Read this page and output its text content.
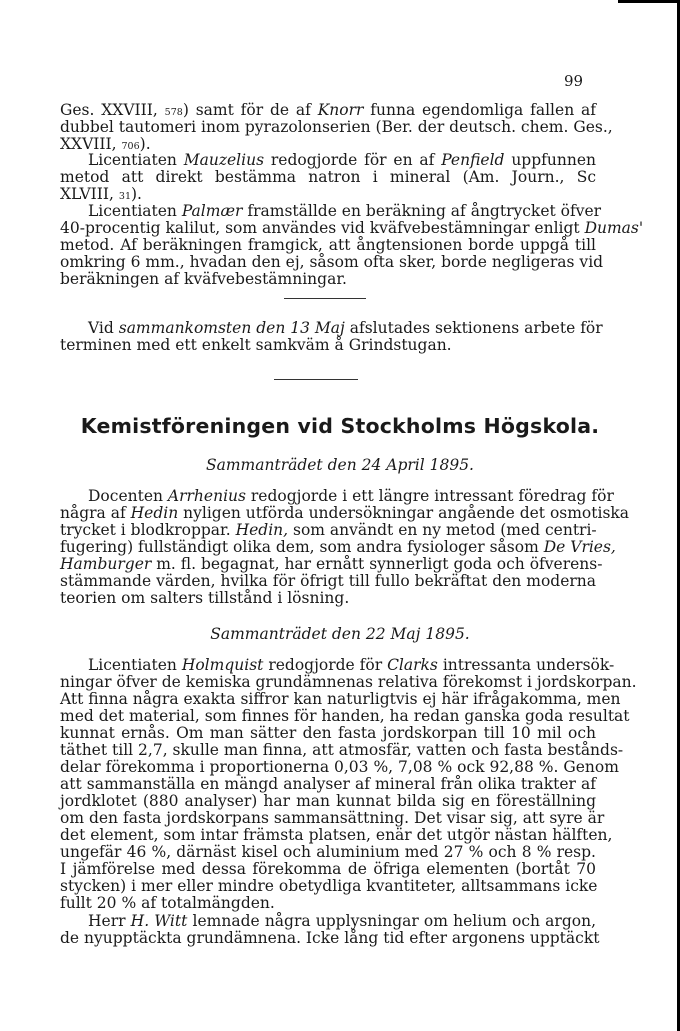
99
Ges. XXVIII, 578) samt för de af Knorr funna egendomliga fallen af
dubbel tautomeri inom pyrazolonserien (Ber. der deutsch. chem. Ges.,
XXVIII, 706).
Licentiaten Mauzelius redogjorde för en af Penfield uppfunnen
metod att direkt bestämma natron i mineral (Am. Journ., Sc
XLVIII, 31).
Licentiaten Palmær framställde en beräkning af ångtrycket öfver
40-procentig kalilut, som användes vid kväfvebestämningar enligt Dumas'
metod. Af beräkningen framgick, att ångtensionen borde uppgå till
omkring 6 mm., hvadan den ej, såsom ofta sker, borde negligeras vid
beräkningen af kväfvebestämningar.
Vid sammankomsten den 13 Maj afslutades sektionens arbete för
terminen med ett enkelt samkväm å Grindstugan.
Docenten Arrhenius redogjorde i ett längre intressant föredrag för
några af Hedin nyligen utförda undersökningar angående det osmotiska
trycket i blodkroppar. Hedin, som användt en ny metod (med centri-
fugering) fullständigt olika dem, som andra fysiologer såsom De Vries,
Hamburger m. fl. begagnat, har ernått synnerligt goda och öfverens-
stämmande värden, hvilka för öfrigt till fullo bekräftat den moderna
teorien om salters tillstånd i lösning.
Licentiaten Holmquist redogjorde för Clarks intressanta undersök-
ningar öfver de kemiska grundämnenas relativa förekomst i jordskorpan.
Att finna några exakta siffror kan naturligtvis ej här ifrågakomma, men
med det material, som finnes för handen, ha redan ganska goda resultat
kunnat ernås. Om man sätter den fasta jordskorpan till 10 mil och
täthet till 2,7, skulle man finna, att atmosfär, vatten och fasta bestånds-
delar förekomma i proportionerna 0,03 %, 7,08 % ock 92,88 %. Genom
att sammanställa en mängd analyser af mineral från olika trakter af
jordklotet (880 analyser) har man kunnat bilda sig en föreställning
om den fasta jordskorpans sammansättning. Det visar sig, att syre är
det element, som intar främsta platsen, enär det utgör nästan hälften,
ungefär 46 %, därnäst kisel och aluminium med 27 % och 8 % resp.
I jämförelse med dessa förekomma de öfriga elementen (bortåt 70
stycken) i mer eller mindre obetydliga kvantiteter, alltsammans icke
fullt 20 % af totalmängden.
Herr H. Witt lemnade några upplysningar om helium och argon,
de nyupptäckta grundämnena. Icke lång tid efter argonens upptäckt
Kemistföreningen vid Stockholms Högskola.
Sammanträdet den 24 April 1895.
Sammanträdet den 22 Maj 1895.
